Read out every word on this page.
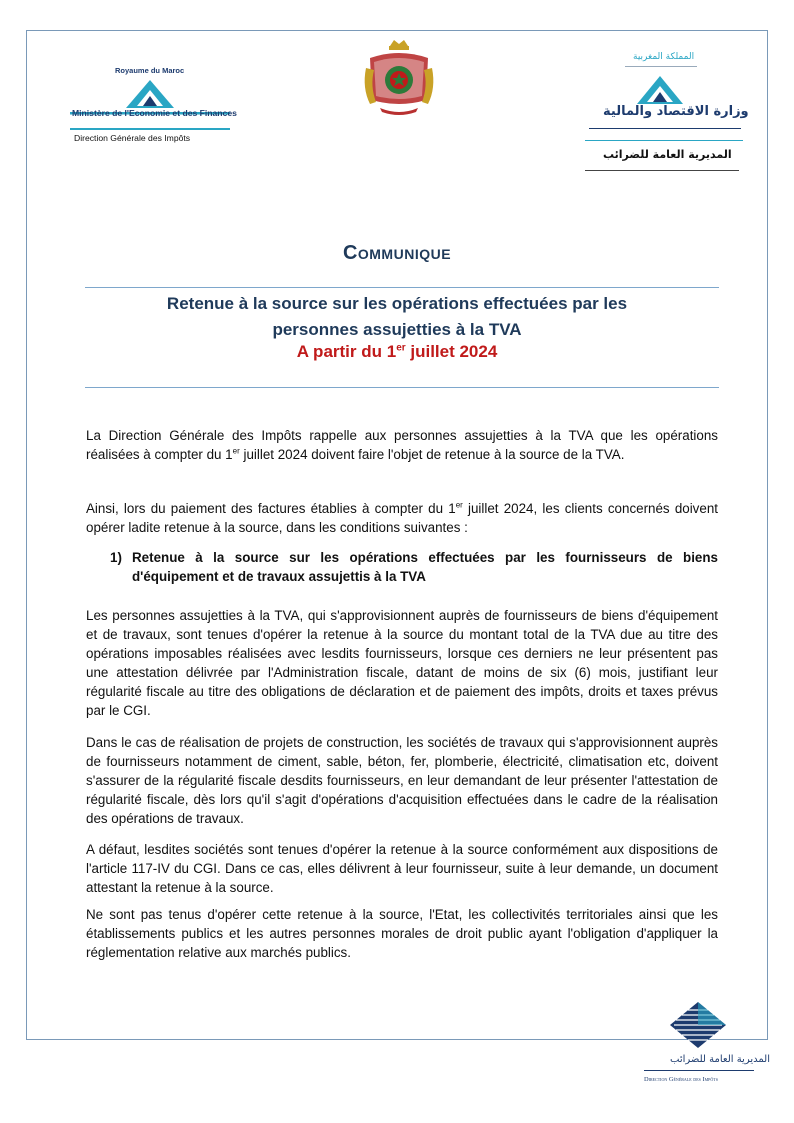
Royaume du Maroc
Ministère de l'Economie et des Finances
Direction Générale des Impôts
المملكة المغربية
وزارة الاقتصاد والمالية
المديرية العامة للضرائب
Communique

Retenue à la source sur les opérations effectuées par les

personnes assujetties à la TVA

A partir du 1er juillet 2024

La Direction Générale des Impôts rappelle aux personnes assujetties à la TVA que les opérations réalisées à compter du 1er juillet 2024 doivent faire l'objet de retenue à la source de la TVA.

Ainsi, lors du paiement des factures établies à compter du 1er juillet 2024, les clients concernés doivent opérer ladite retenue à la source, dans les conditions suivantes :

1) Retenue à la source sur les opérations effectuées par les fournisseurs de biens d'équipement et de travaux assujettis à la TVA

Les personnes assujetties à la TVA, qui s'approvisionnent auprès de fournisseurs de biens d'équipement et de travaux, sont tenues d'opérer la retenue à la source du montant total de la TVA due au titre des opérations imposables réalisées avec lesdits fournisseurs, lorsque ces derniers ne leur présentent pas une attestation délivrée par l'Administration fiscale, datant de moins de six (6) mois, justifiant leur régularité fiscale au titre des obligations de déclaration et de paiement des impôts, droits et taxes prévus par le CGI.

Dans le cas de réalisation de projets de construction, les sociétés de travaux qui s'approvisionnent auprès de fournisseurs notamment de ciment, sable, béton, fer, plomberie, électricité, climatisation etc, doivent s'assurer de la régularité fiscale desdits fournisseurs, en leur demandant de leur présenter l'attestation de régularité fiscale, dès lors qu'il s'agit d'opérations d'acquisition effectuées dans le cadre de la réalisation des opérations de travaux.

A défaut, lesdites sociétés sont tenues d'opérer la retenue à la source conformément aux dispositions de l'article 117-IV du CGI. Dans ce cas, elles délivrent à leur fournisseur, suite à leur demande, un document attestant la retenue à la source.

Ne sont pas tenus d'opérer cette retenue à la source, l'Etat, les collectivités territoriales ainsi que les établissements publics et les autres personnes morales de droit public ayant l'obligation d'appliquer la réglementation relative aux marchés publics.

المديرية العامة للضرائب
Direction Générale des Impôts
